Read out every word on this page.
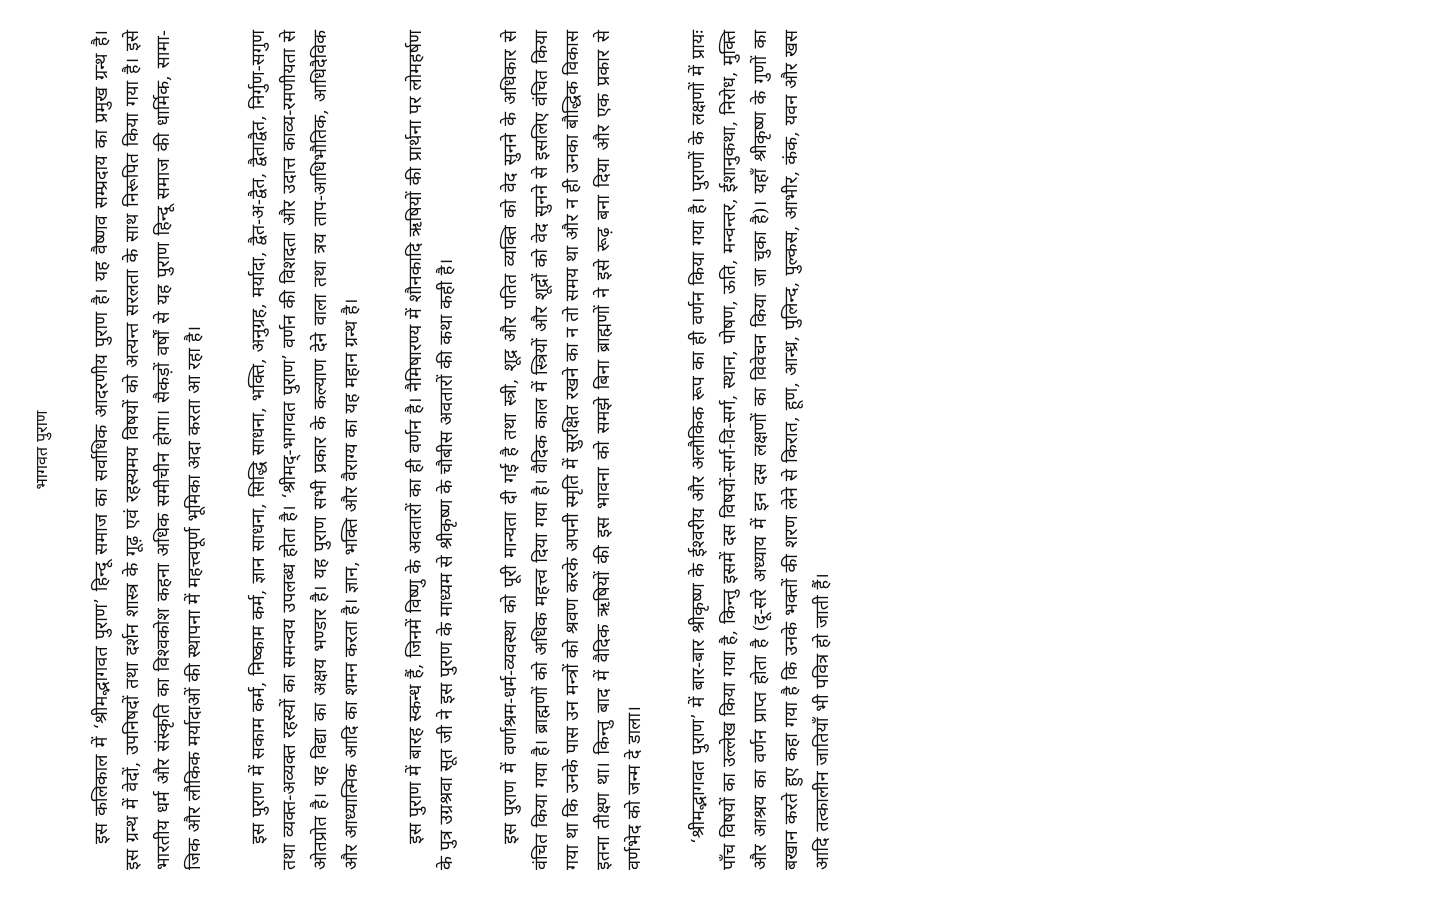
भागवत पुराण इस कलिकाल में ‘श्रीमद्भागवत पुराण’ हिन्दू समाज का सर्वाधिक आदरणीय पुराण है। यह वैष्णव सम्प्रदाय का प्रमुख ग्रन्थ है। इस ग्रन्थ में वेदों, उपनिषदों तथा दर्शन शास्त्र के गूढ़ एवं रहस्यमय विषयों को अत्यन्त सरलता के साथ निरूपित किया गया है। इसे भारतीय धर्म और संस्कृति का विश्वकोश कहना अधिक समीचीन होगा। सैकड़ों वर्षों से यह पुराण हिन्दू समाज की धार्मिक, सामा-जिक और लौकिक मर्यादाओं की स्थापना में महत्त्वपूर्ण भूमिका अदा करता आ रहा है। इस पुराण में सकाम कर्म, निष्काम कर्म, ज्ञान साधना, सिद्धि साधना, भक्ति, अनुग्रह, मर्यादा, द्वैत-अ-द्वैत, द्वैताद्वैत, निर्गुण-सगुण तथा व्यक्त-अव्यक्त रहस्यों का समन्वय उपलब्ध होता है। ‘श्रीमद्-भागवत पुराण’ वर्णन की विशदता और उदात्त काव्य-रमणीयता से ओतप्रोत है। यह विद्या का अक्षय भण्डार है। यह पुराण सभी प्रकार के कल्याण देने वाला तथा त्रय ताप-आधिभौतिक, आधिदैविक और आध्यात्मिक आदि का शमन करता है। ज्ञान, भक्ति और वैराग्य का यह महान ग्रन्थ है। इस पुराण में बारह स्कन्ध हैं, जिनमें विष्णु के अवतारों का ही वर्णन है। नैमिषारण्य में शौनकादि ऋषियों की प्रार्थना पर लोमहर्षण के पुत्र उग्रश्रवा सूत जी ने इस पुराण के माध्यम से श्रीकृष्ण के चौबीस अवतारों की कथा कही है। इस पुराण में वर्णाश्रम-धर्म-व्यवस्था को पूरी मान्यता दी गई है तथा स्त्री, शूद्र और पतित व्यक्ति को वेद सुनने के अधिकार से वंचित किया गया है। ब्राह्मणों को अधिक महत्त्व दिया गया है। वैदिक काल में स्त्रियों और शूद्रों को वेद सुनने से इसलिए वंचित किया गया था कि उनके पास उन मन्त्रों को श्रवण करके अपनी स्मृति में सुरक्षित रखने का न तो समय था और न ही उनका बौद्धिक विकास इतना तीक्ष्ण था। किन्तु बाद में वैदिक ऋषियों की इस भावना को समझे बिना ब्राह्मणों ने इसे रूढ़ बना दिया और एक प्रकार से वर्णभेद को जन्म दे डाला। ‘श्रीमद्भागवत पुराण’ में बार-बार श्रीकृष्ण के ईश्वरीय और अलौकिक रूप का ही वर्णन किया गया है। पुराणों के लक्षणों में प्रायः पाँच विषयों का उल्लेख किया गया है, किन्तु इसमें दस विषयों-सर्ग-वि-सर्ग, स्थान, पोषण, ऊति, मन्वन्तर, ईशानुकथा, निरोध, मुक्ति और आश्रय का वर्णन प्राप्त होता है (दू-सरे अध्याय में इन दस लक्षणों का विवेचन किया जा चुका है)। यहाँ श्रीकृष्ण के गुणों का बखान करते हुए कहा गया है कि उनके भक्तों की शरण लेने से किरात, हूण, आन्ध्र, पुलिन्द, पुल्कस, आभीर, कंक, यवन और खस आदि तत्कालीन जातियाँ भी पवित्र हो जाती हैं।
